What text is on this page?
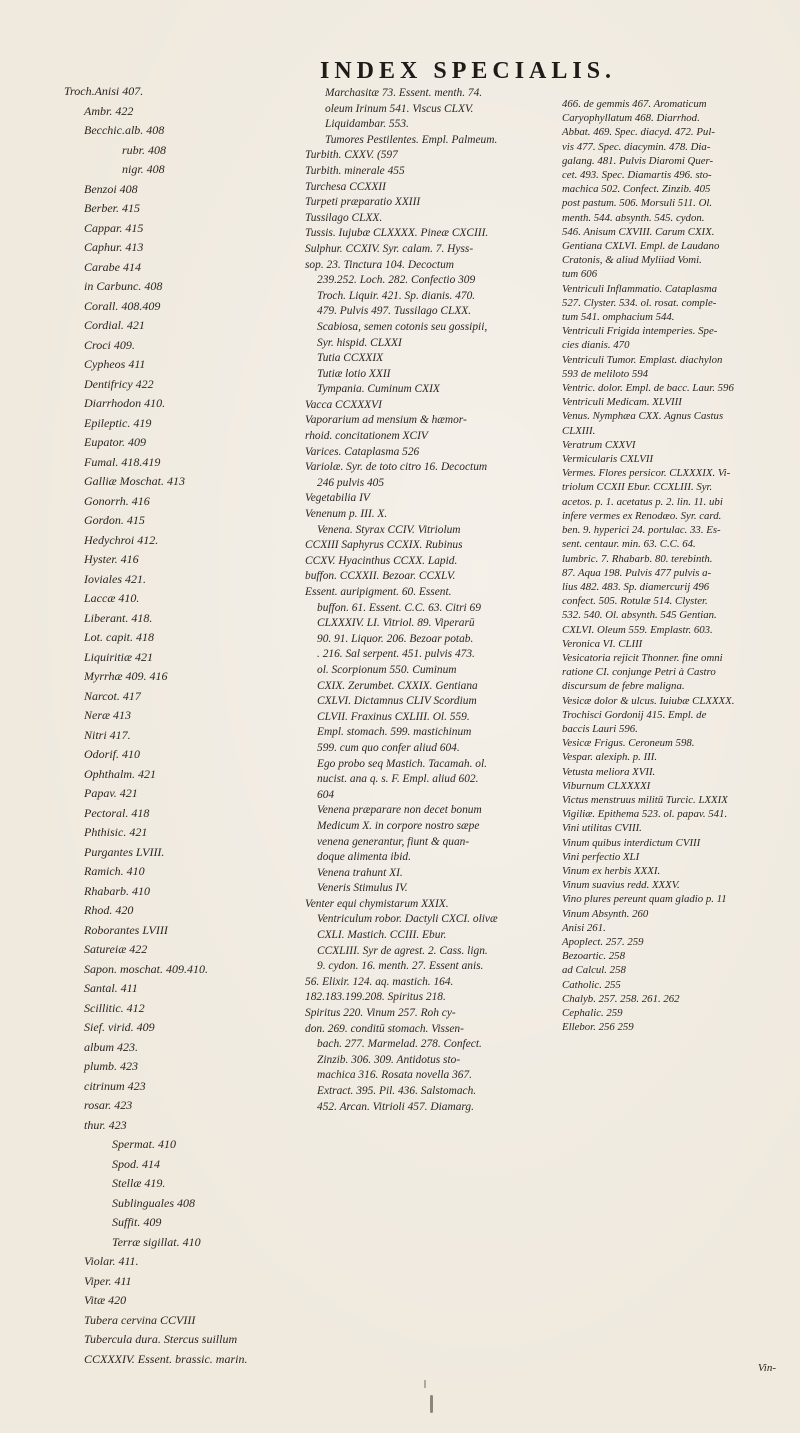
INDEX SPECIALIS.
Troch.Anisi 407.
Ambr. 422
Becchic.alb. 408
rubr. 408
nigr. 408
Benzoi 408
Berber. 415
Cappar. 415
Caphur. 413
Carabe 414
in Carbunc. 408
Corall. 408.409
Cordial. 421
Croci 409.
Cypheos 411
Dentifricy 422
Diarrhodon 410.
Epileptic. 419
Eupator. 409
Fumal. 418.419
Galliæ Moschat. 413
Gonorrh. 416
Gordon. 415
Hedychroi 412.
Hyster. 416
Ioviales 421.
Laccæ 410.
Liberant. 418.
Lot. capit. 418
Liquiritiæ 421
Myrrhæ 409. 416
Narcot. 417
Neræ 413
Nitri 417.
Odorif. 410
Ophthalm. 421
Papav. 421
Pectoral. 418
Phthisic. 421
Purgantes LVIII.
Ramich. 410
Rhabarb. 410
Rhod. 420
Roborantes LVIII
Satureiæ 422
Sapon. moschat. 409.410.
Santal. 411
Scillitic. 412
Sief. virid. 409
album 423.
plumb. 423
citrinum 423
rosar. 423
thur. 423
Spermat. 410
Spod. 414
Stellæ 419.
Sublinguales 408
Suffit. 409
Terræ sigillat. 410
Violar. 411.
Viper. 411
Vitæ 420
Tubera cervina CCVIII
Tubercula dura. Stercus suillum
CCXXXIV. Essent. brassic. marin.
Marchasitæ 73. Essent. menth. 74.
oleum Irinum 541. Viscus CLXV.
Liquidambar. 553.
Tumores Pestilentes. Empl. Palmeum.
Turbith. CXXV. (597
Turbith. minerale 455
Turchesa CCXXII
Turpeti præparatio XXIII
Tussilago CLXX.
Tussis. Iujubæ CLXXXX. Pineæ CXCIII.
Sulphur. CCXIV. Syr. calam. 7. Hyss-
sop. 23. Tinctura 104. Decoctum
239.252. Loch. 282. Confectio 309
Troch. Liquir. 421. Sp. dianis. 470.
479. Pulvis 497. Tussilago CLXX.
Scabiosa, semen cotonis seu gossipii,
Syr. hispid. CLXXI
Tutia CCXXIX
Tutiæ lotio XXII
Tympania. Cuminum CXIX
Vacca CCXXXVI
Vaporarium ad mensium & hæmor-
rhoid. concitationem XCIV
Varices. Cataplasma 526
Variolæ. Syr. de toto citro 16. Decoctum
246 pulvis 405
Vegetabilia IV
Venenum p. III. X.
Venena. Styrax CCIV. Vitriolum
CCXIII Saphyrus CCXIX. Rubinus
CCXV. Hyacinthus CCXX. Lapid.
buffon. CCXXII. Bezoar. CCXLV.
Essent. auripigment. 60. Essent.
buffon. 61. Essent. C.C. 63. Citri 69
CLXXXIV. LI. Vitriol. 89. Viperarū
90. 91. Liquor. 206. Bezoar potab.
. 216. Sal serpent. 451. pulvis 473.
ol. Scorpionum 550. Cuminum
CXIX. Zerumbet. CXXIX. Gentiana
CXLVI. Dictamnus CLIV Scordium
CLVII. Fraxinus CXLIII. Ol. 559.
Empl. stomach. 599. mastichinum
599. cum quo confer aliud 604.
Ego probo seq Mastich. Tacamah. ol.
nucist. ana q. s. F. Empl. aliud 602.
604
Venena præparare non decet bonum
Medicum X. in corpore nostro sæpe
venena generantur, fiunt & quan-
doque alimenta ibid.
Venena trahunt XI.
Veneris Stimulus IV.
Venter equi chymistarum XXIX.
Ventriculum robor. Dactyli CXCI. olivæ
CXLI. Mastich. CCIII. Ebur.
CCXLIII. Syr de agrest. 2. Cass. lign.
9. cydon. 16. menth. 27. Essent anis.
56. Elixir. 124. aq. mastich. 164.
182.183.199.208. Spiritus 218.
Spiritus 220. Vinum 257. Roh cy-
don. 269. conditū stomach. Vissen-
bach. 277. Marmelad. 278. Confect.
Zinzib. 306. 309. Antidotus sto-
machica 316. Rosata novella 367.
Extract. 395. Pil. 436. Salstomach.
452. Arcan. Vitrioli 457. Diamarg.
466. de gemmis 467. Aromaticum
Caryophyllatum 468. Diarrhod.
Abbat. 469. Spec. diacyd. 472. Pul-
vis 477. Spec. diacymin. 478. Dia-
galang. 481. Pulvis Diaromi Quer-
cet. 493. Spec. Diamartis 496. sto-
machica 502. Confect. Zinzib. 405
post pastum. 506. Morsuli 511. Ol.
menth. 544. absynth. 545. cydon.
546. Anisum CXVIII. Carum CXIX.
Gentiana CXLVI. Empl. de Laudano
Cratonis, & aliud Myliiad Vomi.
tum 606
Ventriculi Inflammatio. Cataplasma
527. Clyster. 534. ol. rosat. comple-
tum 541. omphacium 544.
Ventriculi Frigida intemperies. Spe-
cies dianis. 470
Ventriculi Tumor. Emplast. diachylon
593 de meliloto 594
Ventric. dolor. Empl. de bacc. Laur. 596
Ventriculi Medicam. XLVIII
Venus. Nymphæa CXX. Agnus Castus
CLXIII.
Veratrum CXXVI
Vermicularis CXLVII
Vermes. Flores persicor. CLXXXIX. Vi-
triolum CCXII Ebur. CCXLIII. Syr.
acetos. p. 1. acetatus p. 2. lin. 11. ubi
infere vermes ex Renodæo. Syr. card.
ben. 9. hyperici 24. portulac. 33. Es-
sent. centaur. min. 63. C.C. 64.
lumbric. 7. Rhabarb. 80. terebinth.
87. Aqua 198. Pulvis 477 pulvis a-
lius 482. 483. Sp. diamercurij 496
confect. 505. Rotulæ 514. Clyster.
532. 540. Ol. absynth. 545 Gentian.
CXLVI. Oleum 559. Emplastr. 603.
Veronica VI. CLIII
Vesicatoria rejicit Thonner. fine omni
ratione CI. conjunge Petri à Castro
discursum de febre maligna.
Vesicæ dolor & ulcus. Iuiubæ CLXXXX.
Trochisci Gordonij 415. Empl. de
baccis Lauri 596.
Vesicæ Frigus. Ceroneum 598.
Vespar. alexiph. p. III.
Vetusta meliora XVII.
Viburnum CLXXXXI
Victus menstruus militū Turcic. LXXIX
Vigiliæ. Epithema 523. ol. papav. 541.
Vini utilitas CVIII.
Vinum quibus interdictum CVIII
Vini perfectio XLI
Vinum ex herbis XXXI.
Vinum suavius redd. XXXV.
Vino plures pereunt quam gladio p. 11
Vinum Absynth. 260
Anisi 261.
Apoplect. 257. 259
Bezoartic. 258
ad Calcul. 258
Catholic. 255
Chalyb. 257. 258. 261. 262
Cephalic. 259
Ellebor. 256 259
Vin-
